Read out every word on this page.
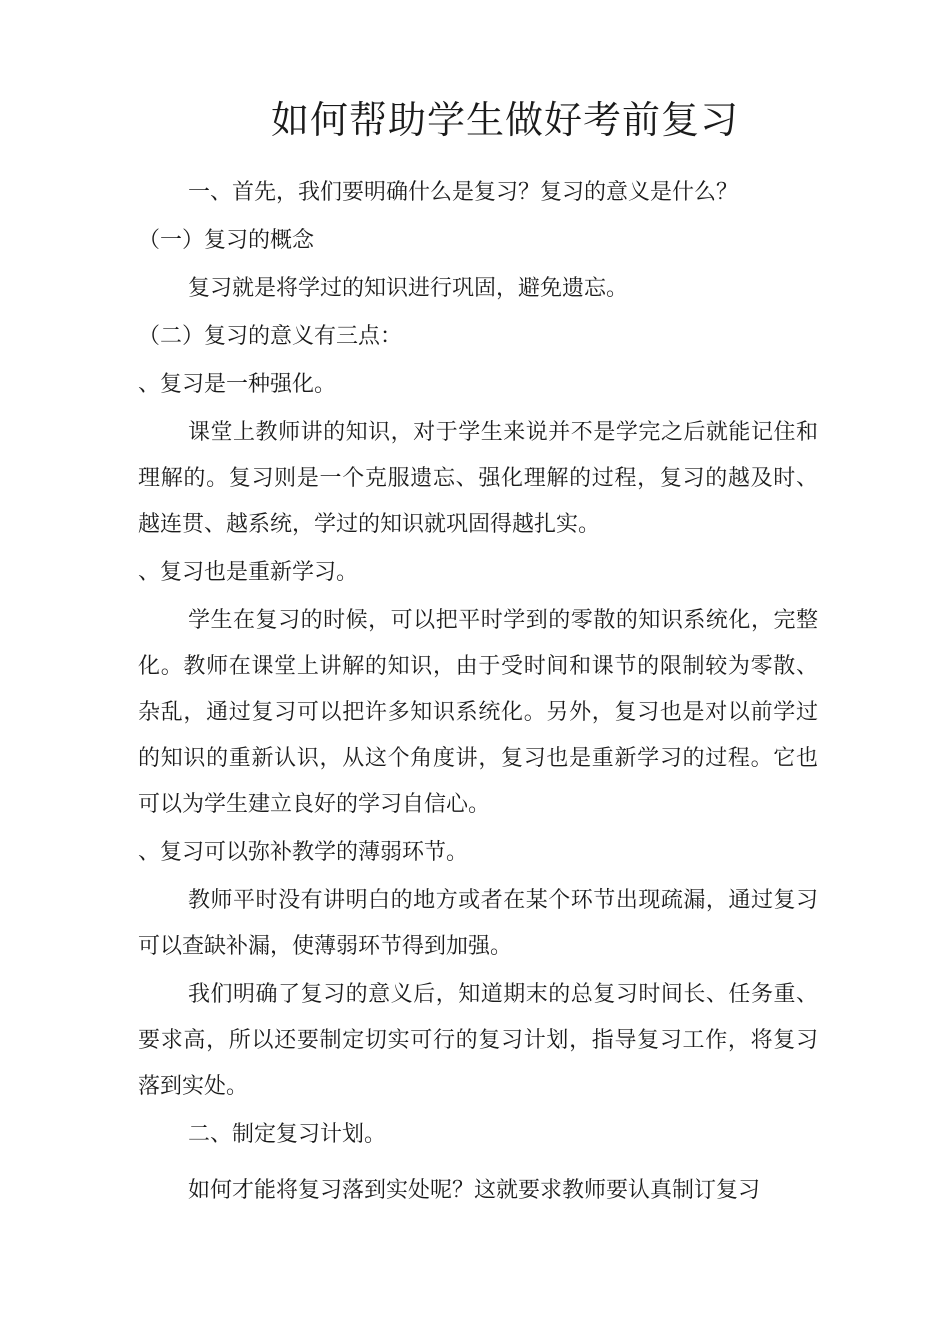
如何帮助学生做好考前复习

一、首先，我们要明确什么是复习？复习的意义是什么？

（一）复习的概念

复习就是将学过的知识进行巩固，避免遗忘。

（二）复习的意义有三点：

、复习是一种强化。

课堂上教师讲的知识，对于学生来说并不是学完之后就能记住和理解的。复习则是一个克服遗忘、强化理解的过程，复习的越及时、越连贯、越系统，学过的知识就巩固得越扎实。

、复习也是重新学习。

学生在复习的时候，可以把平时学到的零散的知识系统化，完整化。教师在课堂上讲解的知识，由于受时间和课节的限制较为零散、杂乱，通过复习可以把许多知识系统化。另外，复习也是对以前学过的知识的重新认识，从这个角度讲，复习也是重新学习的过程。它也可以为学生建立良好的学习自信心。

、复习可以弥补教学的薄弱环节。

教师平时没有讲明白的地方或者在某个环节出现疏漏，通过复习可以查缺补漏，使薄弱环节得到加强。

我们明确了复习的意义后，知道期末的总复习时间长、任务重、要求高，所以还要制定切实可行的复习计划，指导复习工作，将复习落到实处。

二、制定复习计划。

如何才能将复习落到实处呢？这就要求教师要认真制订复习
